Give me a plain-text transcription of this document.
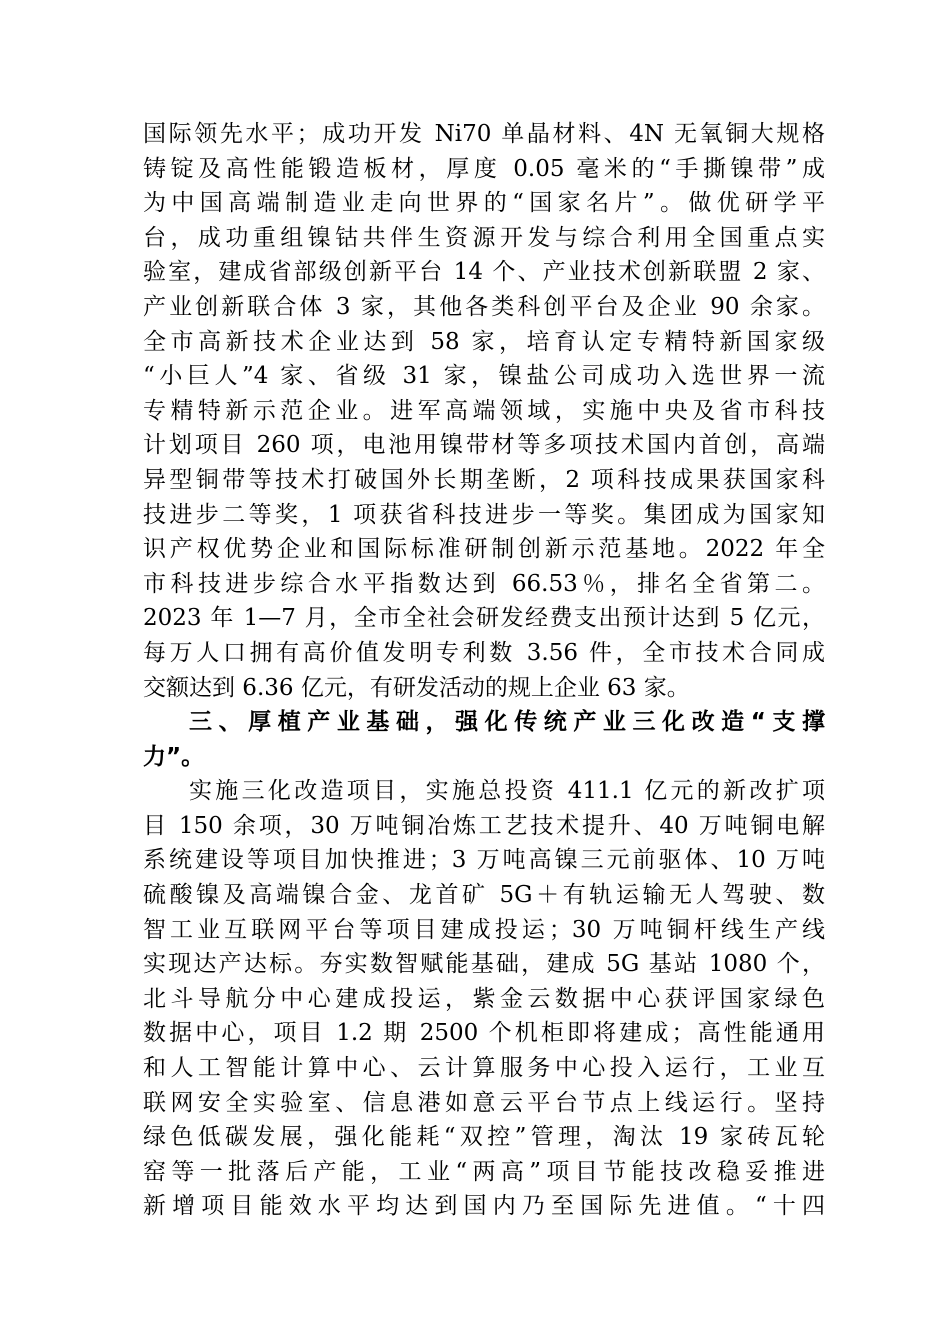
国际领先水平；成功开发 Ni70 单晶材料、4N 无氧铜大规格
铸锭及高性能锻造板材，厚度 0.05 毫米的“手撕镍带”成
为中国高端制造业走向世界的“国家名片”。做优研学平
台，成功重组镍钴共伴生资源开发与综合利用全国重点实
验室，建成省部级创新平台 14 个、产业技术创新联盟 2 家、
产业创新联合体 3 家，其他各类科创平台及企业 90 余家。
全市高新技术企业达到 58 家，培育认定专精特新国家级
“小巨人”4 家、省级 31 家，镍盐公司成功入选世界一流
专精特新示范企业。进军高端领域，实施中央及省市科技
计划项目 260 项，电池用镍带材等多项技术国内首创，高端
异型铜带等技术打破国外长期垄断，2 项科技成果获国家科
技进步二等奖，1 项获省科技进步一等奖。集团成为国家知
识产权优势企业和国际标准研制创新示范基地。2022 年全
市科技进步综合水平指数达到 66.53％，排名全省第二。
2023 年 1—7 月，全市全社会研发经费支出预计达到 5 亿元，
每万人口拥有高价值发明专利数 3.56 件，全市技术合同成
交额达到 6.36 亿元，有研发活动的规上企业 63 家。
三、厚植产业基础，强化传统产业三化改造“支撑
力”。
实施三化改造项目，实施总投资 411.1 亿元的新改扩项
目 150 余项，30 万吨铜冶炼工艺技术提升、40 万吨铜电解
系统建设等项目加快推进；3 万吨高镍三元前驱体、10 万吨
硫酸镍及高端镍合金、龙首矿 5G＋有轨运输无人驾驶、数
智工业互联网平台等项目建成投运；30 万吨铜杆线生产线
实现达产达标。夯实数智赋能基础，建成 5G 基站 1080 个，
北斗导航分中心建成投运，紫金云数据中心获评国家绿色
数据中心，项目 1.2 期 2500 个机柜即将建成；高性能通用
和人工智能计算中心、云计算服务中心投入运行，工业互
联网安全实验室、信息港如意云平台节点上线运行。坚持
绿色低碳发展，强化能耗“双控”管理，淘汰 19 家砖瓦轮
窑等一批落后产能，工业“两高”项目节能技改稳妥推进
新增项目能效水平均达到国内乃至国际先进值。“十四
